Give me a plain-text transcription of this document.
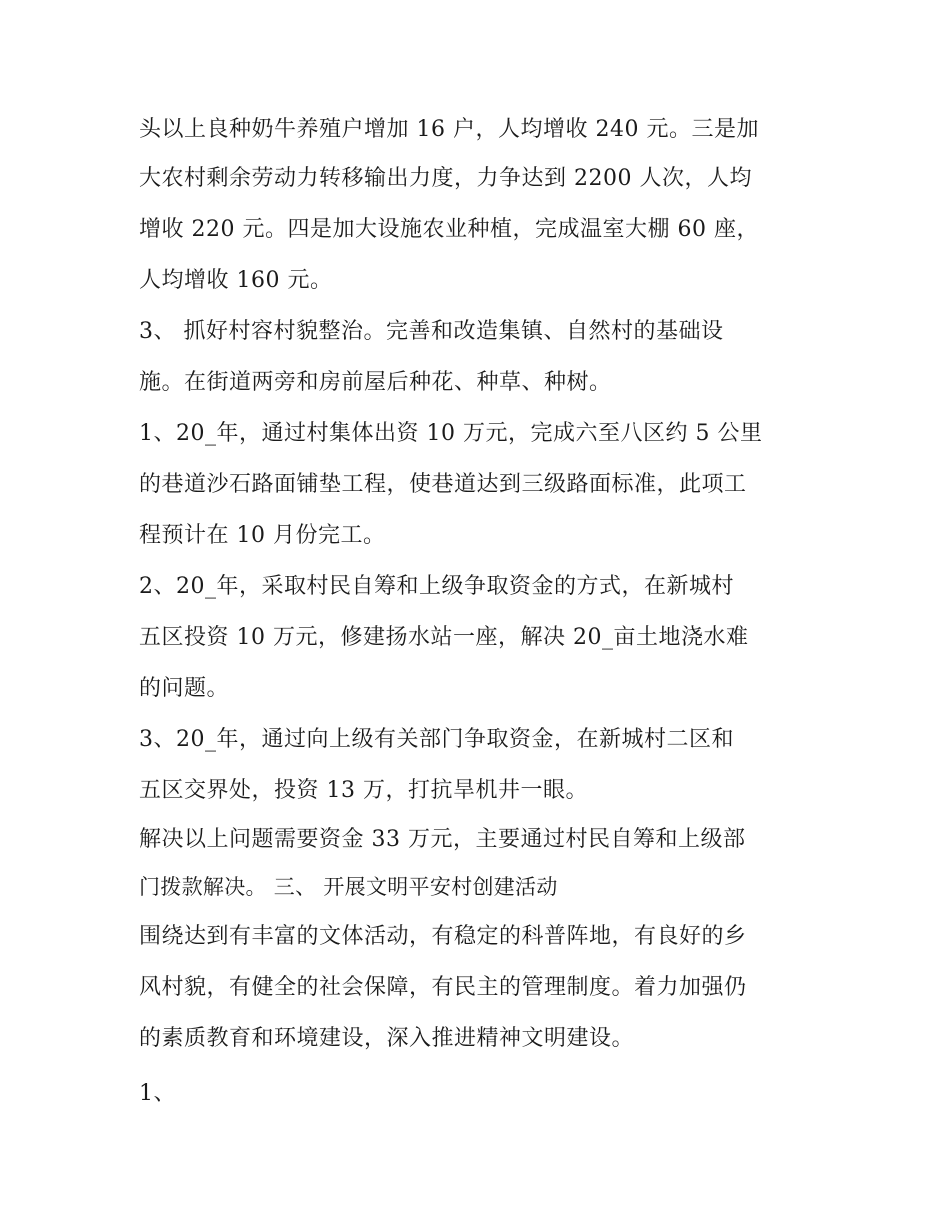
头以上良种奶牛养殖户增加 16 户，人均增收 240 元。三是加
大农村剩余劳动力转移输出力度，力争达到 2200 人次，人均
增收 220 元。四是加大设施农业种植，完成温室大棚 60 座，
人均增收 160 元。
3、 抓好村容村貌整治。完善和改造集镇、自然村的基础设
施。在街道两旁和房前屋后种花、种草、种树。
1、20_年，通过村集体出资 10 万元，完成六至八区约 5 公里
的巷道沙石路面铺垫工程，使巷道达到三级路面标准，此项工
程预计在 10 月份完工。
2、20_年，采取村民自筹和上级争取资金的方式，在新城村
五区投资 10 万元，修建扬水站一座，解决 20_亩土地浇水难
的问题。
3、20_年，通过向上级有关部门争取资金，在新城村二区和
五区交界处，投资 13 万，打抗旱机井一眼。
解决以上问题需要资金 33 万元，主要通过村民自筹和上级部
门拨款解决。 三、 开展文明平安村创建活动
围绕达到有丰富的文体活动，有稳定的科普阵地，有良好的乡
风村貌，有健全的社会保障，有民主的管理制度。着力加强仍
的素质教育和环境建设，深入推进精神文明建设。
1、
